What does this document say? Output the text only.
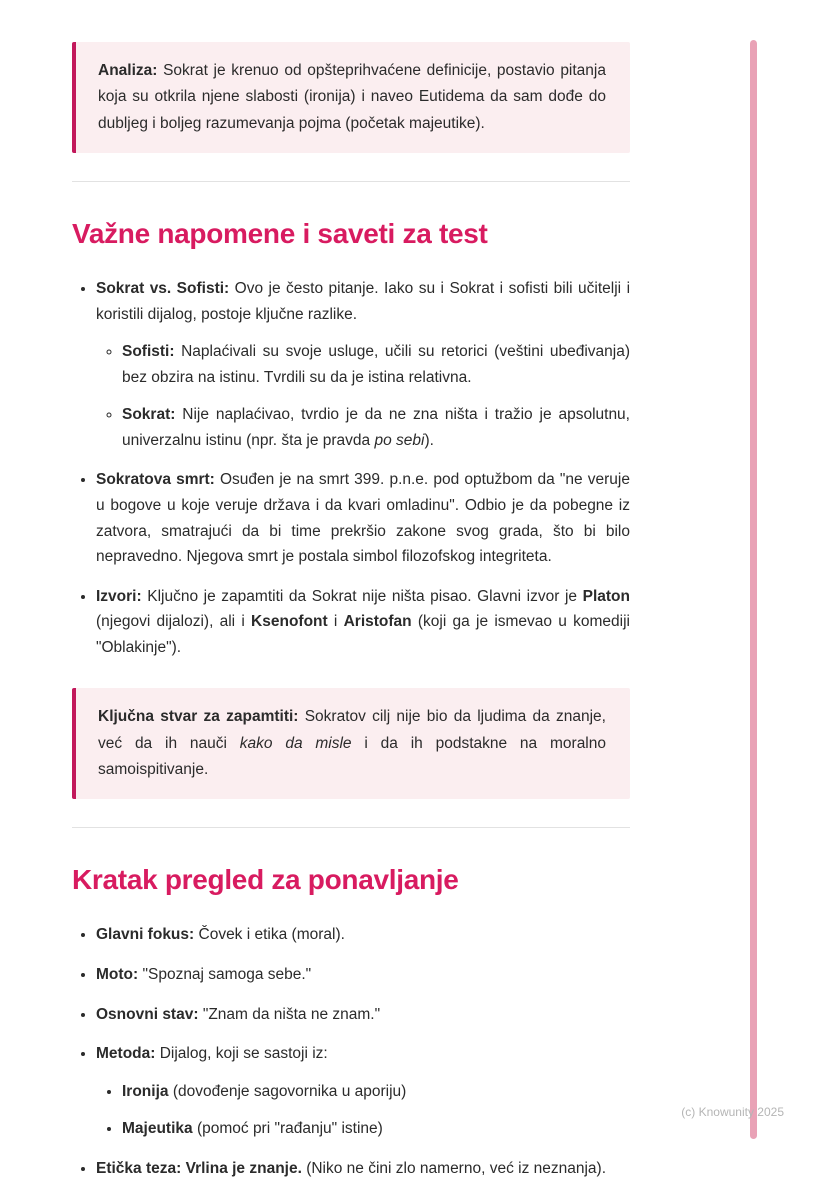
Analiza: Sokrat je krenuo od opšteprihvaćene definicije, postavio pitanja koja su otkrila njene slabosti (ironija) i naveo Eutidema da sam dođe do dubljeg i boljeg razumevanja pojma (početak majeutike).

Važne napomene i saveti za test

• Sokrat vs. Sofisti: Ovo je često pitanje. Iako su i Sokrat i sofisti bili učitelji i koristili dijalog, postoje ključne razlike.

◦ Sofisti: Naplaćivali su svoje usluge, učili su retorici (veštini ubeđivanja) bez obzira na istinu. Tvrdili su da je istina relativna.

◦ Sokrat: Nije naplaćivao, tvrdio je da ne zna ništa i tražio je apsolutnu, univerzalnu istinu (npr. šta je pravda po sebi).

• Sokratova smrt: Osuđen je na smrt 399. p.n.e. pod optužbom da "ne veruje u bogove u koje veruje država i da kvari omladinu". Odbio je da pobegne iz zatvora, smatrajući da bi time prekršio zakone svog grada, što bi bilo nepravedno. Njegova smrt je postala simbol filozofskog integriteta.

• Izvori: Ključno je zapamtiti da Sokrat nije ništa pisao. Glavni izvor je Platon (njegovi dijalozi), ali i Ksenofont i Aristofan (koji ga je ismevao u komediji "Oblakinje").

Ključna stvar za zapamtiti: Sokratov cilj nije bio da ljudima da znanje, već da ih nauči kako da misle i da ih podstakne na moralno samoispitivanje.

Kratak pregled za ponavljanje

• Glavni fokus: Čovek i etika (moral).

• Moto: "Spoznaj samoga sebe."

• Osnovni stav: "Znam da ništa ne znam."

• Metoda: Dijalog, koji se sastoji iz:

• Ironija (dovođenje sagovornika u aporiju)

• Majeutika (pomoć pri "rađanju" istine)

• Etička teza: Vrlina je znanje. (Niko ne čini zlo namerno, već iz neznanja).

(c) Knowunity 2025
